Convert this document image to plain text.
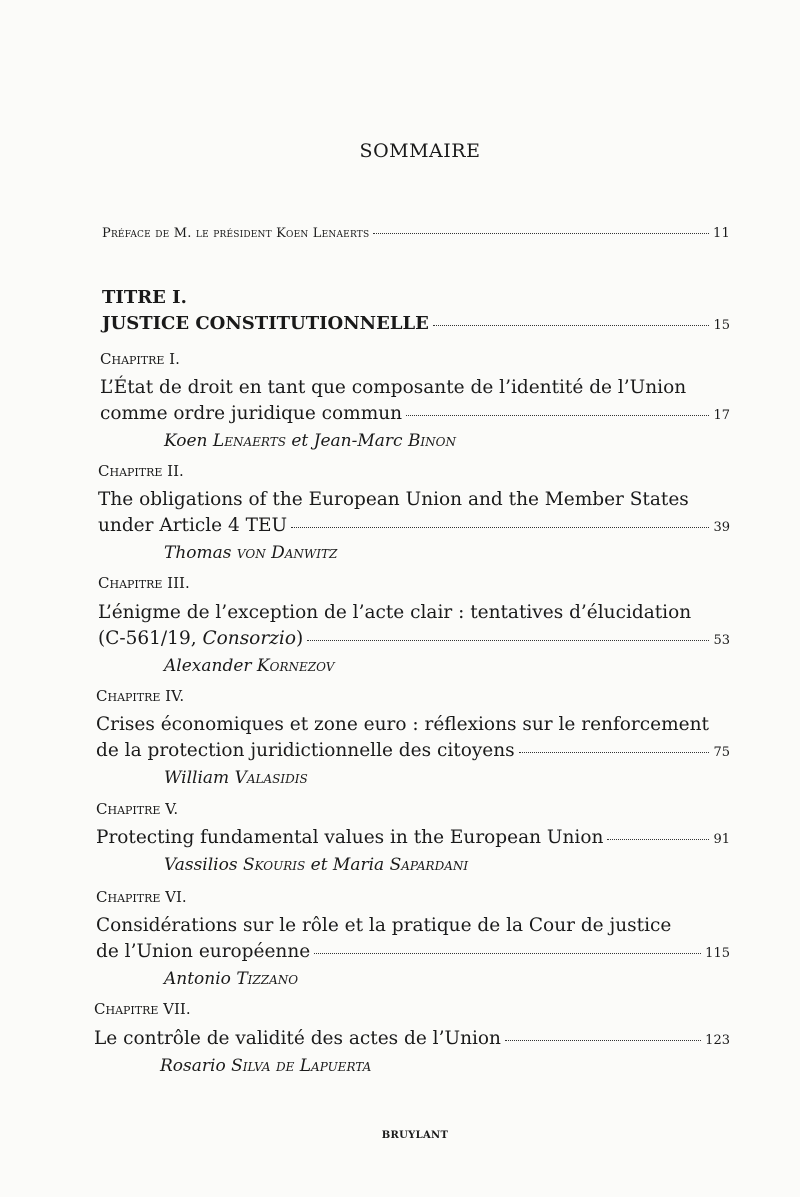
SOMMAIRE
Préface de M. le président Koen Lenaerts	11
TITRE I.
JUSTICE CONSTITUTIONNELLE	15
Chapitre I.
L’État de droit en tant que composante de l’identité de l’Union
comme ordre juridique commun	17
Koen Lenaerts et Jean-Marc Binon
Chapitre II.
The obligations of the European Union and the Member States
under Article 4 TEU	39
Thomas von Danwitz
Chapitre III.
L’énigme de l’exception de l’acte clair : tentatives d’élucidation
(C-561/19, Consorzio)	53
Alexander Kornezov
Chapitre IV.
Crises économiques et zone euro : réflexions sur le renforcement
de la protection juridictionnelle des citoyens	75
William Valasidis
Chapitre V.
Protecting fundamental values in the European Union	91
Vassilios Skouris et Maria Sapardani
Chapitre VI.
Considérations sur le rôle et la pratique de la Cour de justice
de l’Union européenne	115
Antonio Tizzano
Chapitre VII.
Le contrôle de validité des actes de l’Union	123
Rosario Silva de Lapuerta
BRUYLANT
